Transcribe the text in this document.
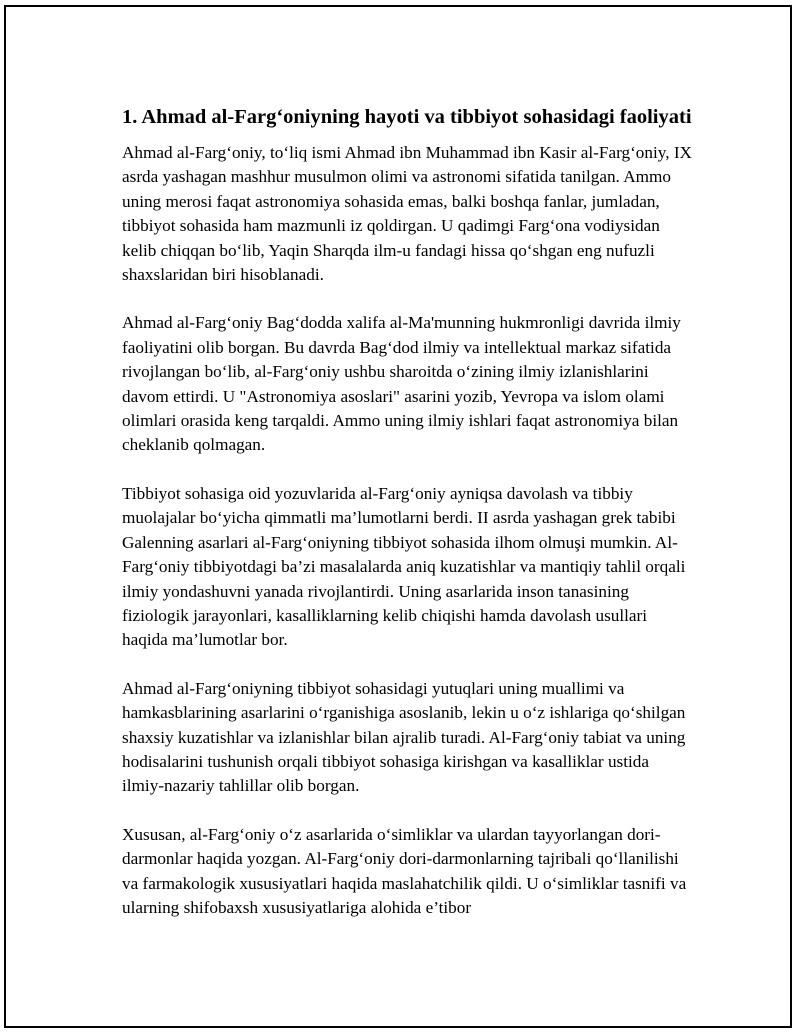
1. Ahmad al-Farg‘oniyning hayoti va tibbiyot sohasidagi faoliyati

Ahmad al-Farg‘oniy, to‘liq ismi Ahmad ibn Muhammad ibn Kasir al-Farg‘oniy, IX asrda yashagan mashhur musulmon olimi va astronomi sifatida tanilgan. Ammo uning merosi faqat astronomiya sohasida emas, balki boshqa fanlar, jumladan, tibbiyot sohasida ham mazmunli iz qoldirgan. U qadimgi Farg‘ona vodiysidan kelib chiqqan bo‘lib, Yaqin Sharqda ilm-u fandagi hissa qo‘shgan eng nufuzli shaxslaridan biri hisoblanadi.

Ahmad al-Farg‘oniy Bag‘dodda xalifa al-Ma'munning hukmronligi davrida ilmiy faoliyatini olib borgan. Bu davrda Bag‘dod ilmiy va intellektual markaz sifatida rivojlangan bo‘lib, al-Farg‘oniy ushbu sharoitda o‘zining ilmiy izlanishlarini davom ettirdi. U "Astronomiya asoslari" asarini yozib, Yevropa va islom olami olimlari orasida keng tarqaldi. Ammo uning ilmiy ishlari faqat astronomiya bilan cheklanib qolmagan.

Tibbiyot sohasiga oid yozuvlarida al-Farg‘oniy ayniqsa davolash va tibbiy muolajalar bo‘yicha qimmatli ma’lumotlarni berdi. II asrda yashagan grek tabibi Galenning asarlari al-Farg‘oniyning tibbiyot sohasida ilhom olmuşi mumkin. Al-Farg‘oniy tibbiyotdagi ba’zi masalalarda aniq kuzatishlar va mantiqiy tahlil orqali ilmiy yondashuvni yanada rivojlantirdi. Uning asarlarida inson tanasining fiziologik jarayonlari, kasalliklarning kelib chiqishi hamda davolash usullari haqida ma’lumotlar bor.

Ahmad al-Farg‘oniyning tibbiyot sohasidagi yutuqlari uning muallimi va hamkasblarining asarlarini o‘rganishiga asoslanib, lekin u o‘z ishlariga qo‘shilgan shaxsiy kuzatishlar va izlanishlar bilan ajralib turadi. Al-Farg‘oniy tabiat va uning hodisalarini tushunish orqali tibbiyot sohasiga kirishgan va kasalliklar ustida ilmiy-nazariy tahlillar olib borgan.

Xususan, al-Farg‘oniy o‘z asarlarida o‘simliklar va ulardan tayyorlangan dori-darmonlar haqida yozgan. Al-Farg‘oniy dori-darmonlarning tajribali qo‘llanilishi va farmakologik xususiyatlari haqida maslahatchilik qildi. U o‘simliklar tasnifi va ularning shifobaxsh xususiyatlariga alohida e’tibor
